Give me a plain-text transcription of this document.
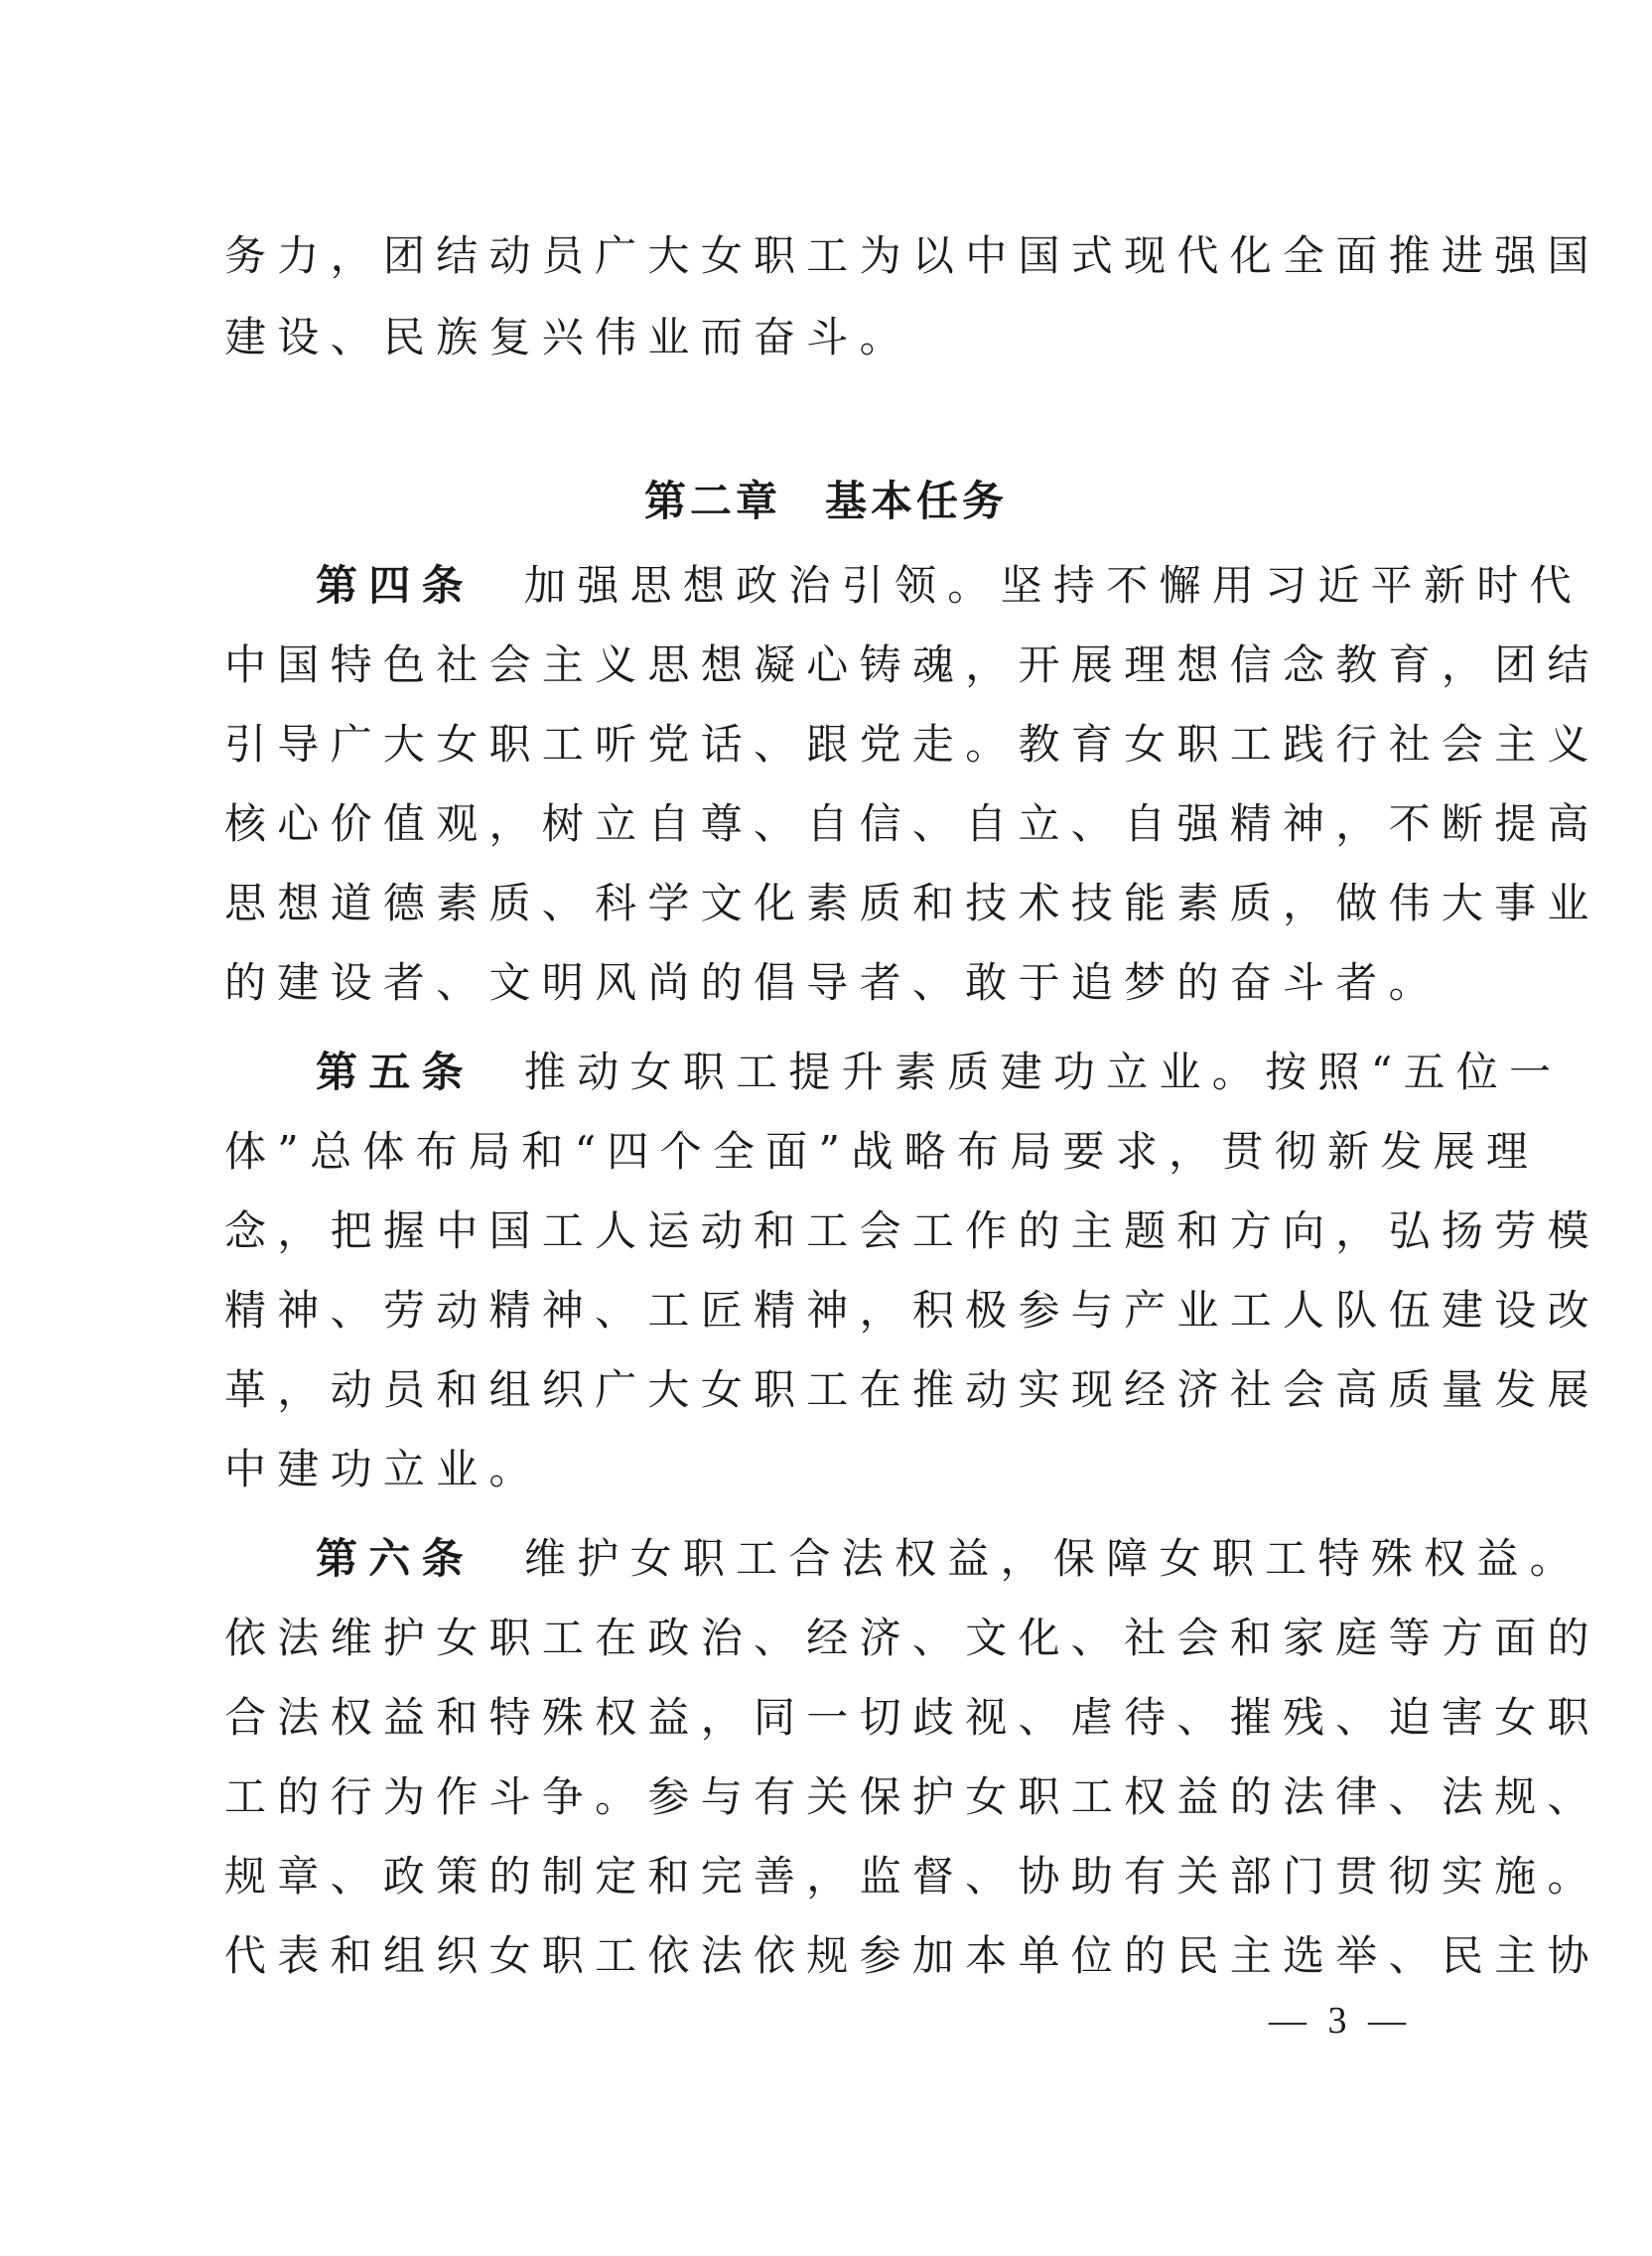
务力，团结动员广大女职工为以中国式现代化全面推进强国
建设、民族复兴伟业而奋斗。
第二章 基本任务
第四条 加强思想政治引领。坚持不懈用习近平新时代
中国特色社会主义思想凝心铸魂，开展理想信念教育，团结
引导广大女职工听党话、跟党走。教育女职工践行社会主义
核心价值观，树立自尊、自信、自立、自强精神，不断提高
思想道德素质、科学文化素质和技术技能素质，做伟大事业
的建设者、文明风尚的倡导者、敢于追梦的奋斗者。
第五条 推动女职工提升素质建功立业。按照“五位一
体”总体布局和“四个全面”战略布局要求，贯彻新发展理
念，把握中国工人运动和工会工作的主题和方向，弘扬劳模
精神、劳动精神、工匠精神，积极参与产业工人队伍建设改
革，动员和组织广大女职工在推动实现经济社会高质量发展
中建功立业。
第六条 维护女职工合法权益，保障女职工特殊权益。
依法维护女职工在政治、经济、文化、社会和家庭等方面的
合法权益和特殊权益，同一切歧视、虐待、摧残、迫害女职
工的行为作斗争。参与有关保护女职工权益的法律、法规、
规章、政策的制定和完善，监督、协助有关部门贯彻实施。
代表和组织女职工依法依规参加本单位的民主选举、民主协
— 3 —
